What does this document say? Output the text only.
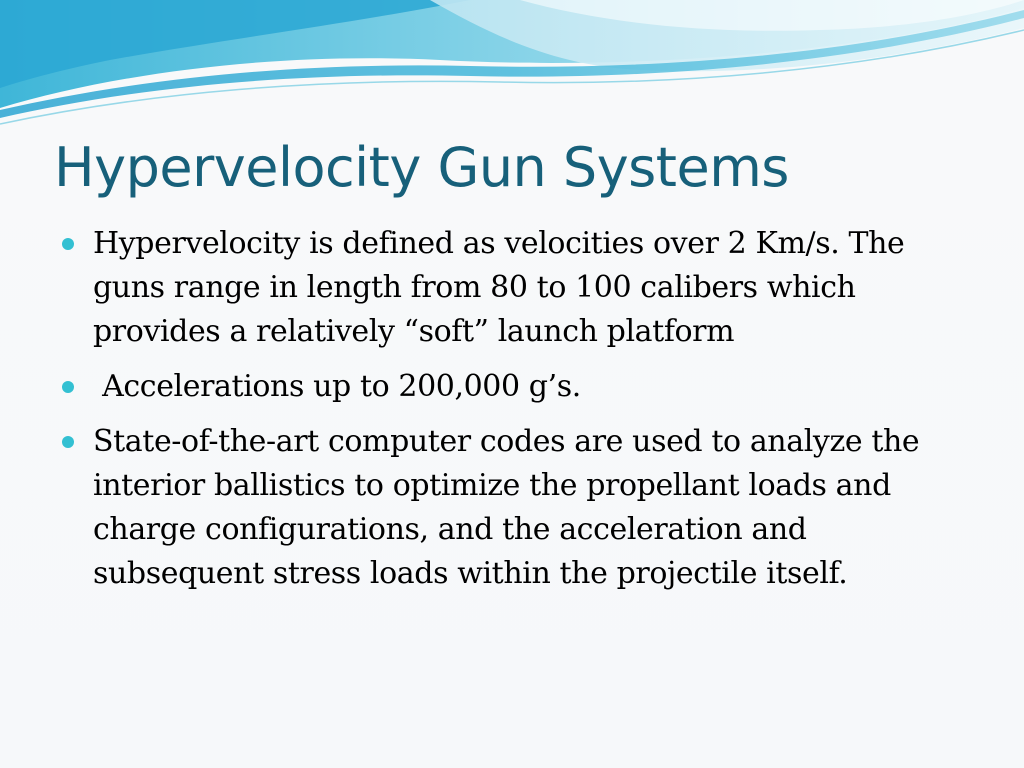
Hypervelocity Gun Systems
Hypervelocity is defined as velocities over 2 Km/s. The guns range in length from 80 to 100 calibers which provides a relatively “soft” launch platform
Accelerations up to 200,000 g’s.
State-of-the-art computer codes are used to analyze the interior ballistics to optimize the propellant loads and charge configurations, and the acceleration and subsequent stress loads within the projectile itself.
